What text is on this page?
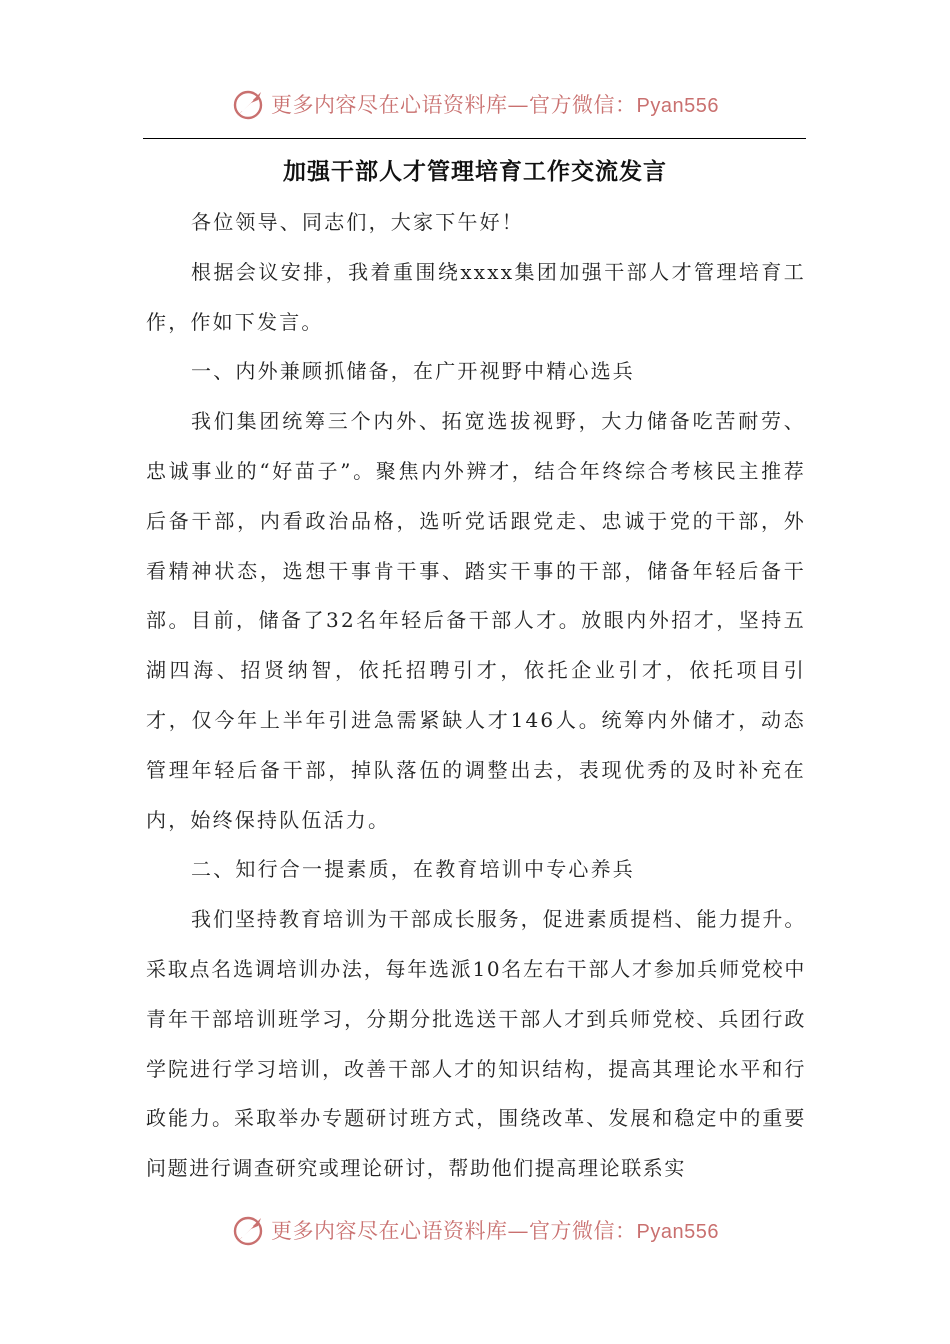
更多内容尽在心语资料库—官方微信：Pyan556
加强干部人才管理培育工作交流发言

各位领导、同志们，大家下午好！

根据会议安排，我着重围绕xxxx集团加强干部人才管理培育工作，作如下发言。

一、内外兼顾抓储备，在广开视野中精心选兵

我们集团统筹三个内外、拓宽选拔视野，大力储备吃苦耐劳、忠诚事业的“好苗子”。聚焦内外辨才，结合年终综合考核民主推荐后备干部，内看政治品格，选听党话跟党走、忠诚于党的干部，外看精神状态，选想干事肯干事、踏实干事的干部，储备年轻后备干部。目前，储备了32名年轻后备干部人才。放眼内外招才，坚持五湖四海、招贤纳智，依托招聘引才，依托企业引才，依托项目引才，仅今年上半年引进急需紧缺人才146人。统筹内外储才，动态管理年轻后备干部，掉队落伍的调整出去，表现优秀的及时补充在内，始终保持队伍活力。

二、知行合一提素质，在教育培训中专心养兵

我们坚持教育培训为干部成长服务，促进素质提档、能力提升。采取点名选调培训办法，每年选派10名左右干部人才参加兵师党校中青年干部培训班学习，分期分批选送干部人才到兵师党校、兵团行政学院进行学习培训，改善干部人才的知识结构，提高其理论水平和行政能力。采取举办专题研讨班方式，围绕改革、发展和稳定中的重要问题进行调查研究或理论研讨，帮助他们提高理论联系实

更多内容尽在心语资料库—官方微信：Pyan556
